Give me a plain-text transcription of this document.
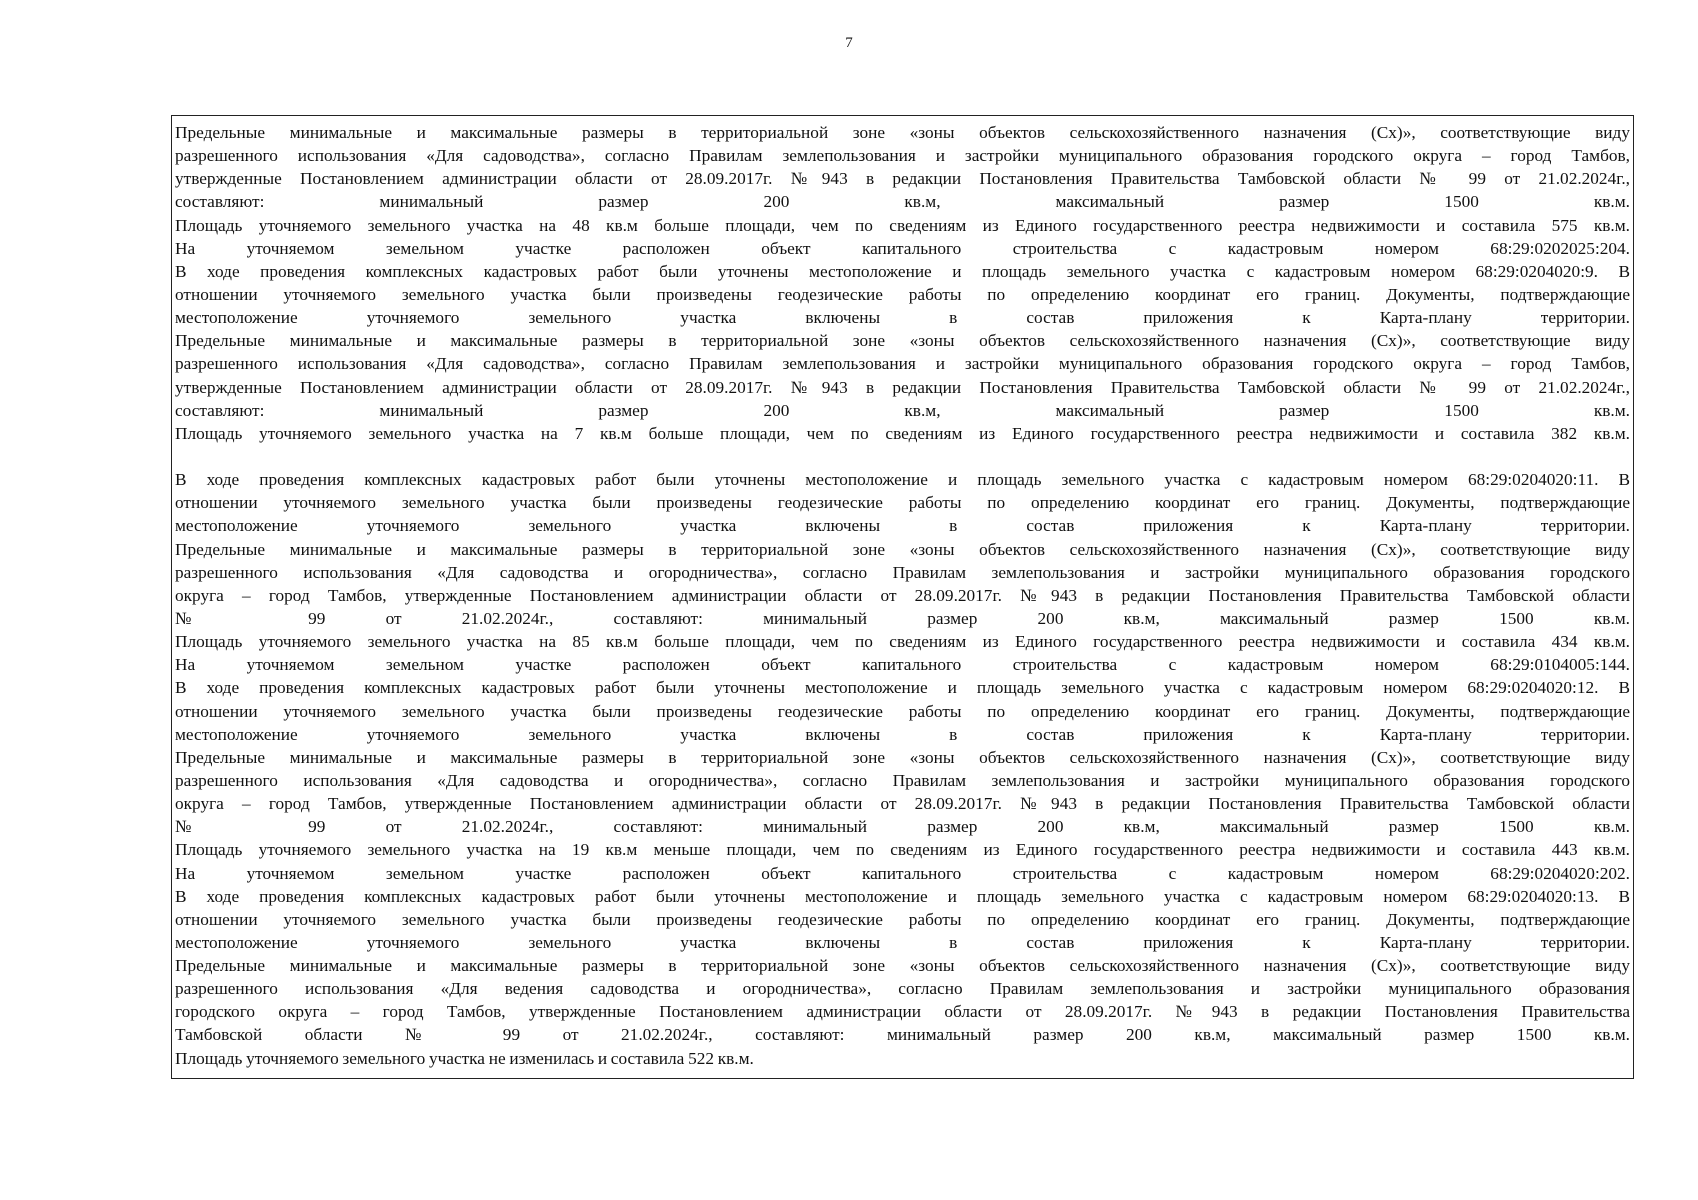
7
Предельные минимальные и максимальные размеры в территориальной зоне «зоны объектов сельскохозяйственного назначения (Сх)», соответствующие виду
разрешенного использования «Для садоводства», согласно Правилам землепользования и застройки муниципального образования городского округа – город Тамбов,
утвержденные Постановлением администрации области от 28.09.2017г. №943 в редакции Постановления Правительства Тамбовской области № 99 от 21.02.2024г.,
составляют: минимальный размер 200 кв.м, максимальный размер 1500 кв.м.
Площадь уточняемого земельного участка на 48 кв.м больше площади, чем по сведениям из Единого государственного реестра недвижимости и составила 575 кв.м.
На уточняемом земельном участке расположен объект капитального строительства с кадастровым номером 68:29:0202025:204.
В ходе проведения комплексных кадастровых работ были уточнены местоположение и площадь земельного участка с кадастровым номером 68:29:0204020:9. В
отношении уточняемого земельного участка были произведены геодезические работы по определению координат его границ. Документы, подтверждающие
местоположение уточняемого земельного участка включены в состав приложения к Карта-плану территории.
Предельные минимальные и максимальные размеры в территориальной зоне «зоны объектов сельскохозяйственного назначения (Сх)», соответствующие виду
разрешенного использования «Для садоводства», согласно Правилам землепользования и застройки муниципального образования городского округа – город Тамбов,
утвержденные Постановлением администрации области от 28.09.2017г. №943 в редакции Постановления Правительства Тамбовской области № 99 от 21.02.2024г.,
составляют: минимальный размер 200 кв.м, максимальный размер 1500 кв.м.
Площадь уточняемого земельного участка на 7 кв.м больше площади, чем по сведениям из Единого государственного реестра недвижимости и составила 382 кв.м.
В ходе проведения комплексных кадастровых работ были уточнены местоположение и площадь земельного участка с кадастровым номером 68:29:0204020:11. В
отношении уточняемого земельного участка были произведены геодезические работы по определению координат его границ. Документы, подтверждающие
местоположение уточняемого земельного участка включены в состав приложения к Карта-плану территории.
Предельные минимальные и максимальные размеры в территориальной зоне «зоны объектов сельскохозяйственного назначения (Сх)», соответствующие виду
разрешенного использования «Для садоводства и огородничества», согласно Правилам землепользования и застройки муниципального образования городского
округа – город Тамбов, утвержденные Постановлением администрации области от 28.09.2017г. №943 в редакции Постановления Правительства Тамбовской области
№ 99 от 21.02.2024г., составляют: минимальный размер 200 кв.м, максимальный размер 1500 кв.м.
Площадь уточняемого земельного участка на 85 кв.м больше площади, чем по сведениям из Единого государственного реестра недвижимости и составила 434 кв.м.
На уточняемом земельном участке расположен объект капитального строительства с кадастровым номером 68:29:0104005:144.
В ходе проведения комплексных кадастровых работ были уточнены местоположение и площадь земельного участка с кадастровым номером 68:29:0204020:12. В
отношении уточняемого земельного участка были произведены геодезические работы по определению координат его границ. Документы, подтверждающие
местоположение уточняемого земельного участка включены в состав приложения к Карта-плану территории.
Предельные минимальные и максимальные размеры в территориальной зоне «зоны объектов сельскохозяйственного назначения (Сх)», соответствующие виду
разрешенного использования «Для садоводства и огородничества», согласно Правилам землепользования и застройки муниципального образования городского
округа – город Тамбов, утвержденные Постановлением администрации области от 28.09.2017г. №943 в редакции Постановления Правительства Тамбовской области
№ 99 от 21.02.2024г., составляют: минимальный размер 200 кв.м, максимальный размер 1500 кв.м.
Площадь уточняемого земельного участка на 19 кв.м меньше площади, чем по сведениям из Единого государственного реестра недвижимости и составила 443 кв.м.
На уточняемом земельном участке расположен объект капитального строительства с кадастровым номером 68:29:0204020:202.
В ходе проведения комплексных кадастровых работ были уточнены местоположение и площадь земельного участка с кадастровым номером 68:29:0204020:13. В
отношении уточняемого земельного участка были произведены геодезические работы по определению координат его границ. Документы, подтверждающие
местоположение уточняемого земельного участка включены в состав приложения к Карта-плану территории.
Предельные минимальные и максимальные размеры в территориальной зоне «зоны объектов сельскохозяйственного назначения (Сх)», соответствующие виду
разрешенного использования «Для ведения садоводства и огородничества», согласно Правилам землепользования и застройки муниципального образования
городского округа – город Тамбов, утвержденные Постановлением администрации области от 28.09.2017г. №943 в редакции Постановления Правительства
Тамбовской области № 99 от 21.02.2024г., составляют: минимальный размер 200 кв.м, максимальный размер 1500 кв.м.
Площадь уточняемого земельного участка не изменилась и составила 522 кв.м.
